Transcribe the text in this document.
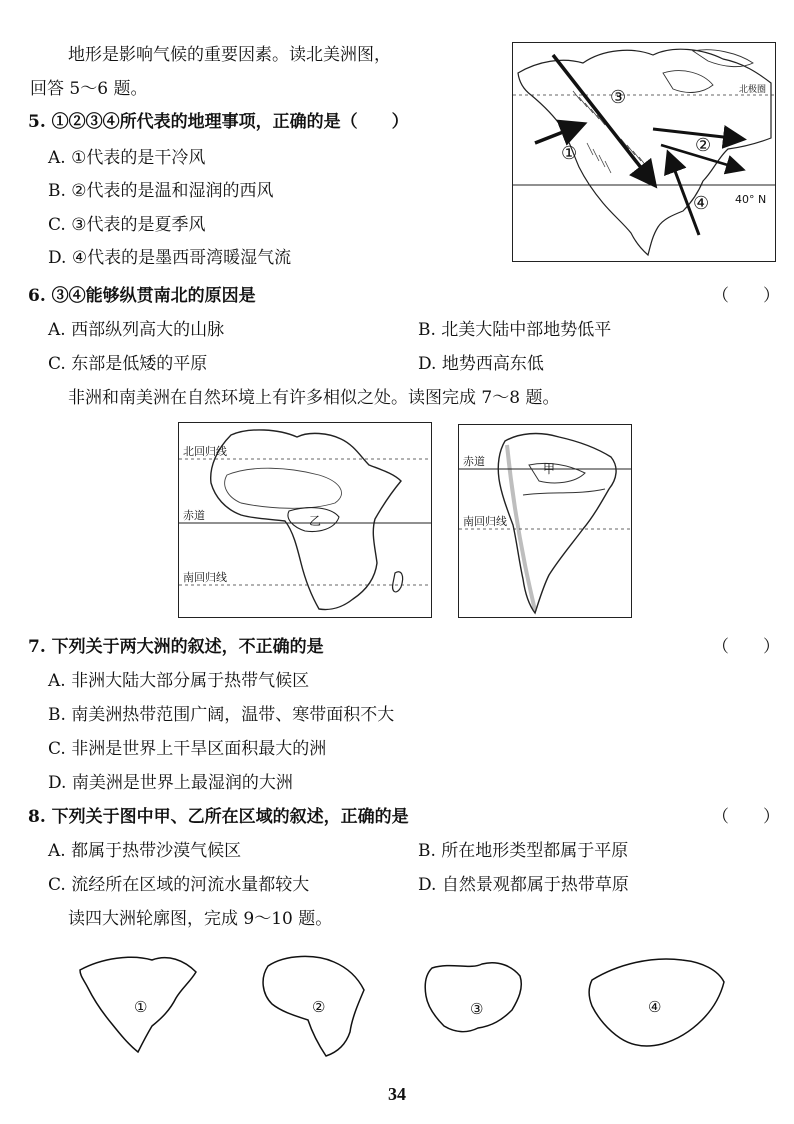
地形是影响气候的重要因素。读北美洲图，
回答 5～6 题。
5. ①②③④所代表的地理事项，正确的是（　　）
A. ①代表的是干冷风
B. ②代表的是温和湿润的西风
C. ③代表的是夏季风
D. ④代表的是墨西哥湾暖湿气流
北极圈
40° N
①	②
③
④
6. ③④能够纵贯南北的原因是	（　　）
A. 西部纵列高大的山脉	B. 北美大陆中部地势低平
C. 东部是低矮的平原	D. 地势西高东低
非洲和南美洲在自然环境上有许多相似之处。读图完成 7～8 题。
北回归线
赤道
南回归线
乙
赤道
南回归线
甲
7. 下列关于两大洲的叙述，不正确的是	（　　）
A. 非洲大陆大部分属于热带气候区
B. 南美洲热带范围广阔，温带、寒带面积不大
C. 非洲是世界上干旱区面积最大的洲
D. 南美洲是世界上最湿润的大洲
8. 下列关于图中甲、乙所在区域的叙述，正确的是	（　　）
A. 都属于热带沙漠气候区	B. 所在地形类型都属于平原
C. 流经所在区域的河流水量都较大	D. 自然景观都属于热带草原
读四大洲轮廓图，完成 9～10 题。
①	②	③	④
34
